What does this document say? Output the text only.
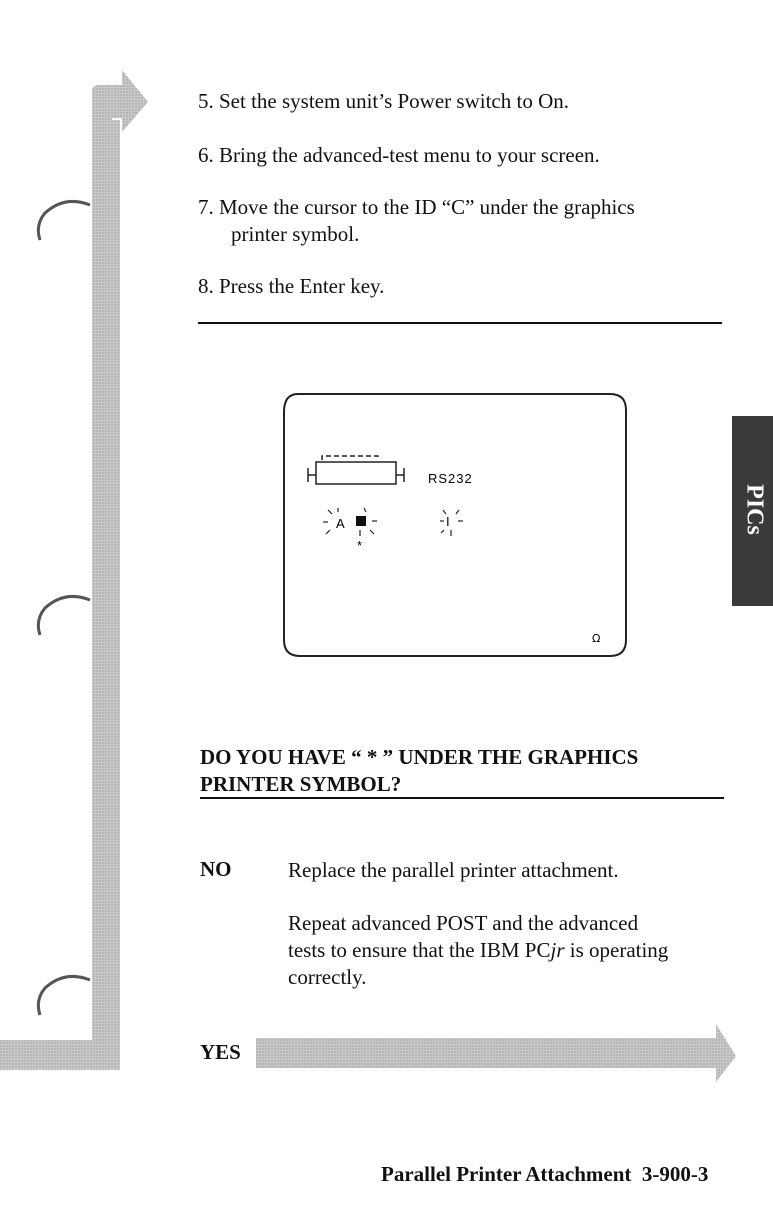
5. Set the system unit’s Power switch to On.
6. Bring the advanced-test menu to your screen.
7. Move the cursor to the ID “C” under the graphics
printer symbol.
8. Press the Enter key.
A
*
RS232
I
Ω
DO YOU HAVE “ * ” UNDER THE GRAPHICS
PRINTER SYMBOL?
NO	Replace the parallel printer attachment.
Repeat advanced POST and the advanced
tests to ensure that the IBM PCjr is operating
correctly.
YES
PICs
Parallel Printer Attachment 3-900-3
